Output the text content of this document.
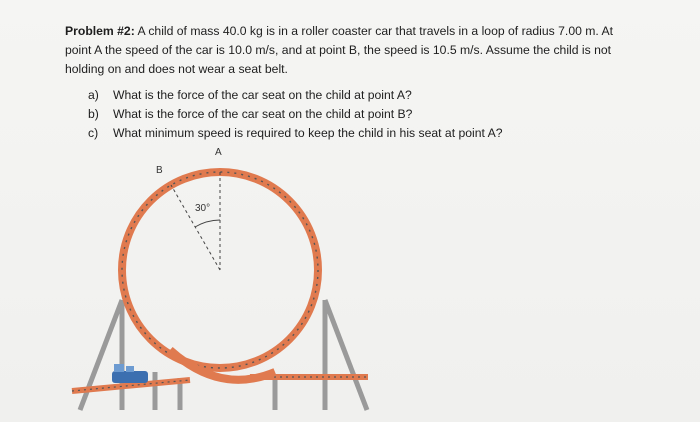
Problem #2: A child of mass 40.0 kg is in a roller coaster car that travels in a loop of radius 7.00 m. At point A the speed of the car is 10.0 m/s, and at point B, the speed is 10.5 m/s. Assume the child is not holding on and does not wear a seat belt.
a)	What is the force of the car seat on the child at point A?
b)	What is the force of the car seat on the child at point B?
c)	What minimum speed is required to keep the child in his seat at point A?
A
B
30°
